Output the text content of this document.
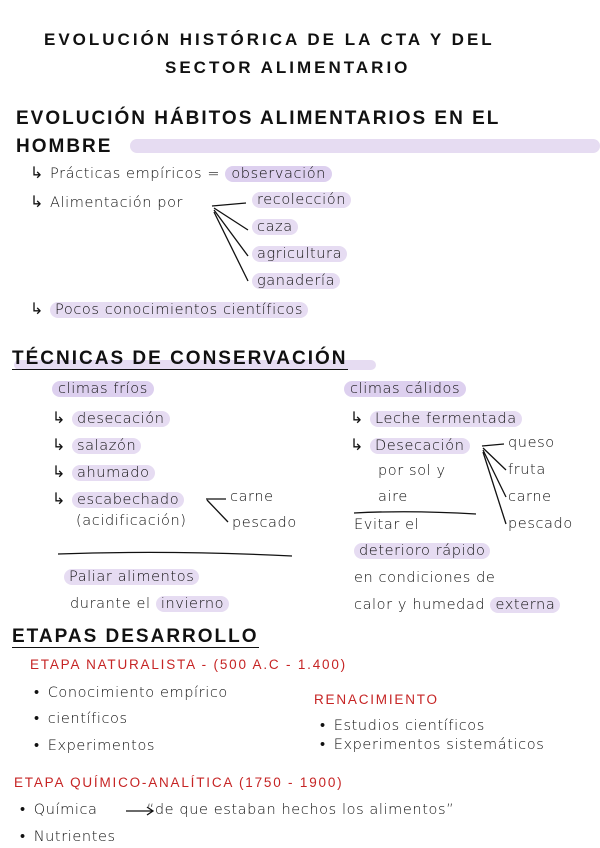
EVOLUCIÓN HISTÓRICA DE LA CTA Y DEL
SECTOR ALIMENTARIO
EVOLUCIÓN HÁBITOS ALIMENTARIOS EN EL
HOMBRE
↳ Prácticas empíricos = observación
↳ Alimentación por	recolección
caza
agricultura
ganadería
↳ Pocos conocimientos científicos
TÉCNICAS DE CONSERVACIÓN
climas fríos	climas cálidos
↳ desecación
↳ salazón
↳ ahumado
↳ escabechado
(acidificación)
carne
pescado
Paliar alimentos
durante el invierno
↳ Leche fermentada
↳ Desecación
por sol y
aire
queso
fruta
carne
pescado
Evitar el
deterioro rápido
en condiciones de
calor y humedad externa
ETAPAS DESARROLLO
ETAPA NATURALISTA - (500 A.C - 1.400)
• Conocimiento empírico
• científicos
• Experimentos
RENACIMIENTO
• Estudios científicos
• Experimentos sistemáticos
ETAPA QUÍMICO-ANALÍTICA (1750 - 1900)
• Química	“de que estaban hechos los alimentos”
• Nutrientes
